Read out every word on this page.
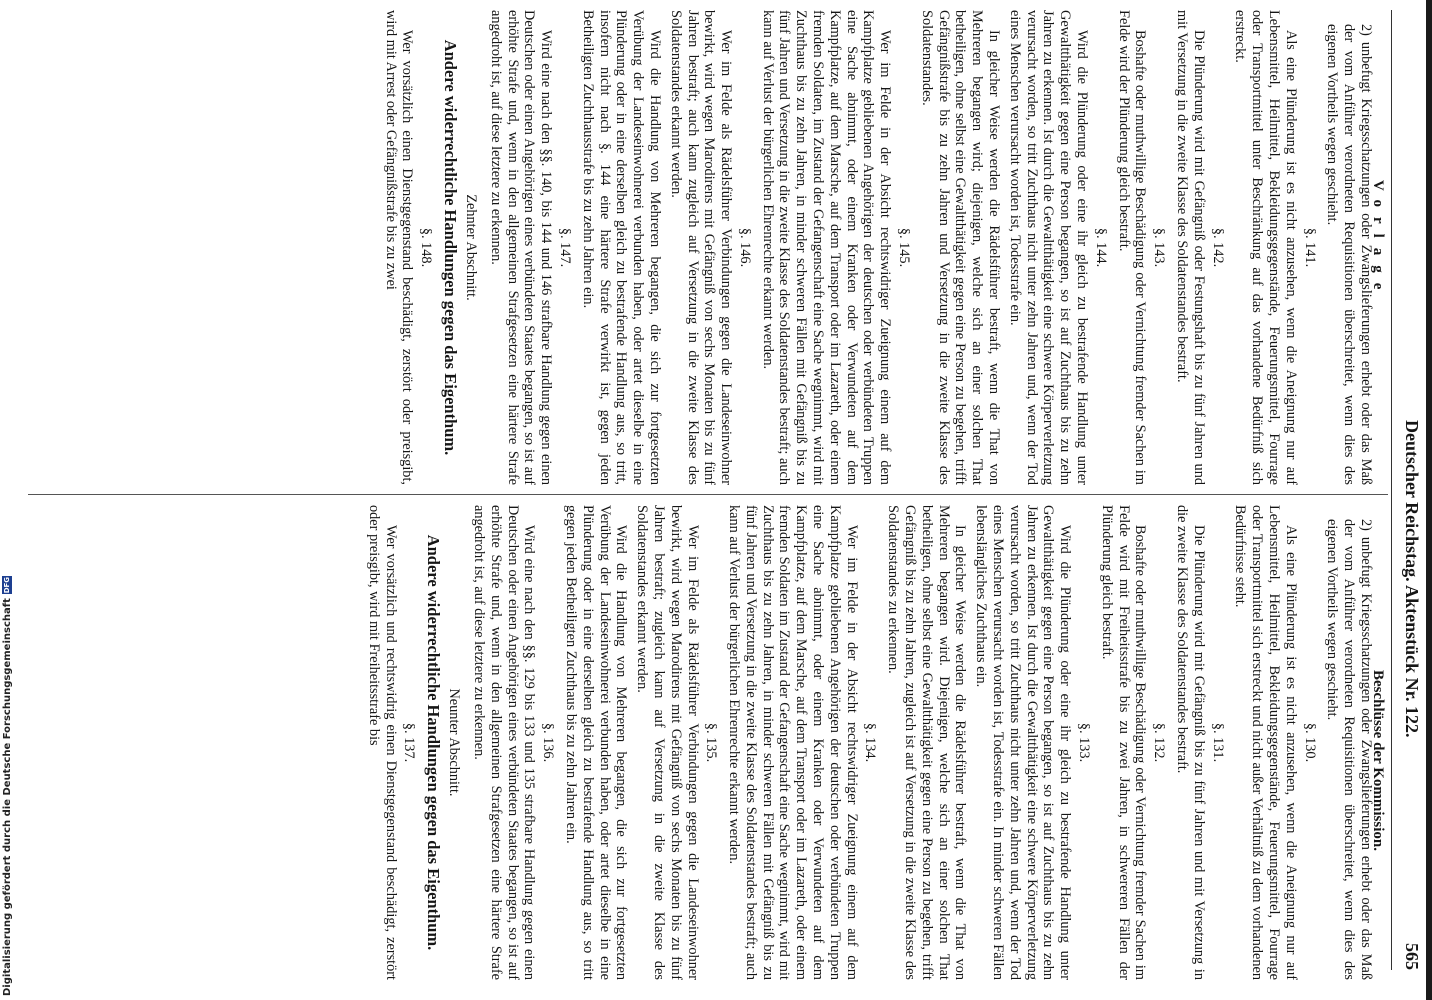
Deutscher Reichstag. Aktenstück Nr. 122.
565
Vorlage
Beschlüsse der Kommission.

2) unbefugt Kriegsschatzungen oder Zwangslieferungen erhebt oder das Maß der vom Anführer verordneten Requisitionen überschreitet, wenn dies des eigenen Vortheils wegen geschieht.

§. 141.

Als eine Plünderung ist es nicht anzusehen, wenn die Aneignung nur auf Lebensmittel, Heilmittel, Bekleidungsgegenstände, Feuerungsmittel, Fourrage oder Transportmittel unter Beschränkung auf das vorhandene Bedürfniß sich erstreckt.

§. 142.

Die Plünderung wird mit Gefängniß oder Festungshaft bis zu fünf Jahren und mit Versetzung in die zweite Klasse des Soldatenstandes bestraft.

§. 143.

Boshafte oder muthwillige Beschädigung oder Vernichtung fremder Sachen im Felde wird der Plünderung gleich bestraft.

§. 144.

Wird die Plünderung oder eine ihr gleich zu bestrafende Handlung unter Gewaltthätigkeit gegen eine Person begangen, so ist auf Zuchthaus bis zu zehn Jahren zu erkennen. Ist durch die Gewaltthätigkeit eine schwere Körperverletzung verursacht worden, so tritt Zuchthaus nicht unter zehn Jahren und, wenn der Tod eines Menschen verursacht worden ist, Todesstrafe ein.

In gleicher Weise werden die Rädelsführer bestraft, wenn die That von Mehreren begangen wird; diejenigen, welche sich an einer solchen That betheiligen, ohne selbst eine Gewaltthätigkeit gegen eine Person zu begehen, trifft Gefängnißstrafe bis zu zehn Jahren und Versetzung in die zweite Klasse des Soldatenstandes.

§. 145.

Wer im Felde in der Absicht rechtswidriger Zueignung einem auf dem Kampfplatze gebliebenen Angehörigen der deutschen oder verbündeten Truppen eine Sache abnimmt, oder einem Kranken oder Verwundeten auf dem Kampfplatze, auf dem Marsche, auf dem Transport oder im Lazareth, oder einem fremden Soldaten, im Zustand der Gefangenschaft eine Sache wegnimmt, wird mit Zuchthaus bis zu zehn Jahren, in minder schweren Fällen mit Gefängniß bis zu fünf Jahren und Versetzung in die zweite Klasse des Soldatenstandes bestraft; auch kann auf Verlust der bürgerlichen Ehrenrechte erkannt werden.

§. 146.

Wer im Felde als Rädelsführer Verbindungen gegen die Landeseinwohner bewirkt, wird wegen Marodirens mit Gefängniß von sechs Monaten bis zu fünf Jahren bestraft; auch kann zugleich auf Versetzung in die zweite Klasse des Soldatenstandes erkannt werden.

Wird die Handlung von Mehreren begangen, die sich zur fortgesetzten Verübung der Landeseinwohnerei verbunden haben, oder artet dieselbe in eine Plünderung oder in eine derselben gleich zu bestrafende Handlung aus, so tritt, insofern nicht nach §. 144 eine härtere Strafe verwirkt ist, gegen jeden Betheiligten Zuchthausstrafe bis zu zehn Jahren ein.

§. 147.

Wird eine nach den §§. 140, bis 144 und 146 strafbare Handlung gegen einen Deutschen oder einen Angehörigen eines verbündeten Staates begangen, so ist auf erhöhte Strafe und, wenn in den allgemeinen Strafgesetzen eine härtere Strafe angedroht ist, auf diese letztere zu erkennen.

Zehnter Abschnitt.
Andere widerrechtliche Handlungen gegen das Eigenthum.
§. 148.

Wer vorsätzlich einen Dienstgegenstand beschädigt, zerstört oder preisgibt, wird mit Arrest oder Gefängnißstrafe bis zu zwei

2) unbefugt Kriegsschatzungen oder Zwangslieferungen erhebt oder das Maß der vom Anführer verordneten Requisitionen überschreitet, wenn dies des eigenen Vortheils wegen geschieht.

§. 130.

Als eine Plünderung ist es nicht anzusehen, wenn die Aneignung nur auf Lebensmittel, Heilmittel, Bekleidungsgegenstände, Feuerungsmittel, Fourrage oder Transportmittel sich erstreckt und nicht außer Verhältniß zu dem vorhandenen Bedürfnisse steht.

§. 131.

Die Plünderung wird mit Gefängniß bis zu fünf Jahren und mit Versetzung in die zweite Klasse des Soldatenstandes bestraft.

§. 132.

Boshafte oder muthwillige Beschädigung oder Vernichtung fremder Sachen im Felde wird mit Freiheitsstrafe bis zu zwei Jahren, in schwereren Fällen der Plünderung gleich bestraft.

§. 133.

Wird die Plünderung oder eine ihr gleich zu bestrafende Handlung unter Gewaltthätigkeit gegen eine Person begangen, so ist auf Zuchthaus bis zu zehn Jahren zu erkennen. Ist durch die Gewaltthätigkeit eine schwere Körperverletzung verursacht worden, so tritt Zuchthaus nicht unter zehn Jahren und, wenn der Tod eines Menschen verursacht worden ist, Todesstrafe ein. In minder schweren Fällen lebenslängliches Zuchthaus ein.

In gleicher Weise werden die Rädelsführer bestraft, wenn die That von Mehreren begangen wird. Diejenigen, welche sich an einer solchen That betheiligen, ohne selbst eine Gewaltthätigkeit gegen eine Person zu begehen, trifft Gefängniß bis zu zehn Jahren, zugleich ist auf Versetzung in die zweite Klasse des Soldatenstandes zu erkennen.

§. 134.

Wer im Felde in der Absicht rechtswidriger Zueignung einem auf dem Kampfplatze gebliebenen Angehörigen der deutschen oder verbündeten Truppen eine Sache abnimmt, oder einem Kranken oder Verwundeten auf dem Kampfplatze, auf dem Marsche, auf dem Transport oder im Lazareth, oder einem fremden Soldaten im Zustand der Gefangenschaft eine Sache wegnimmt, wird mit Zuchthaus bis zu zehn Jahren, in minder schweren Fällen mit Gefängniß bis zu fünf Jahren und Versetzung in die zweite Klasse des Soldatenstandes bestraft; auch kann auf Verlust der bürgerlichen Ehrenrechte erkannt werden.

§. 135.

Wer im Felde als Rädelsführer Verbindungen gegen die Landeseinwohner bewirkt, wird wegen Marodirens mit Gefängniß von sechs Monaten bis zu fünf Jahren bestraft; zugleich kann auf Versetzung in die zweite Klasse des Soldatenstandes erkannt werden.

Wird die Handlung von Mehreren begangen, die sich zur fortgesetzten Verübung der Landeseinwohnerei verbunden haben, oder artet dieselbe in eine Plünderung oder in eine derselben gleich zu bestrafende Handlung aus, so tritt gegen jeden Betheiligten Zuchthaus bis zu zehn Jahren ein.

§. 136.

Wird eine nach den §§. 129 bis 133 und 135 strafbare Handlung gegen einen Deutschen oder einen Angehörigen eines verbündeten Staates begangen, so ist auf erhöhte Strafe und, wenn in den allgemeinen Strafgesetzen eine härtere Strafe angedroht ist, auf diese letztere zu erkennen.

Neunter Abschnitt.
Andere widerrechtliche Handlungen gegen das Eigenthum.
§. 137.

Wer vorsätzlich und rechtswidrig einen Dienstgegenstand beschädigt, zerstört oder preisgibt, wird mit Freiheitsstrafe bis

Digitalisierung gefördert durch die Deutsche ForschungsgemeinschaftDFG
